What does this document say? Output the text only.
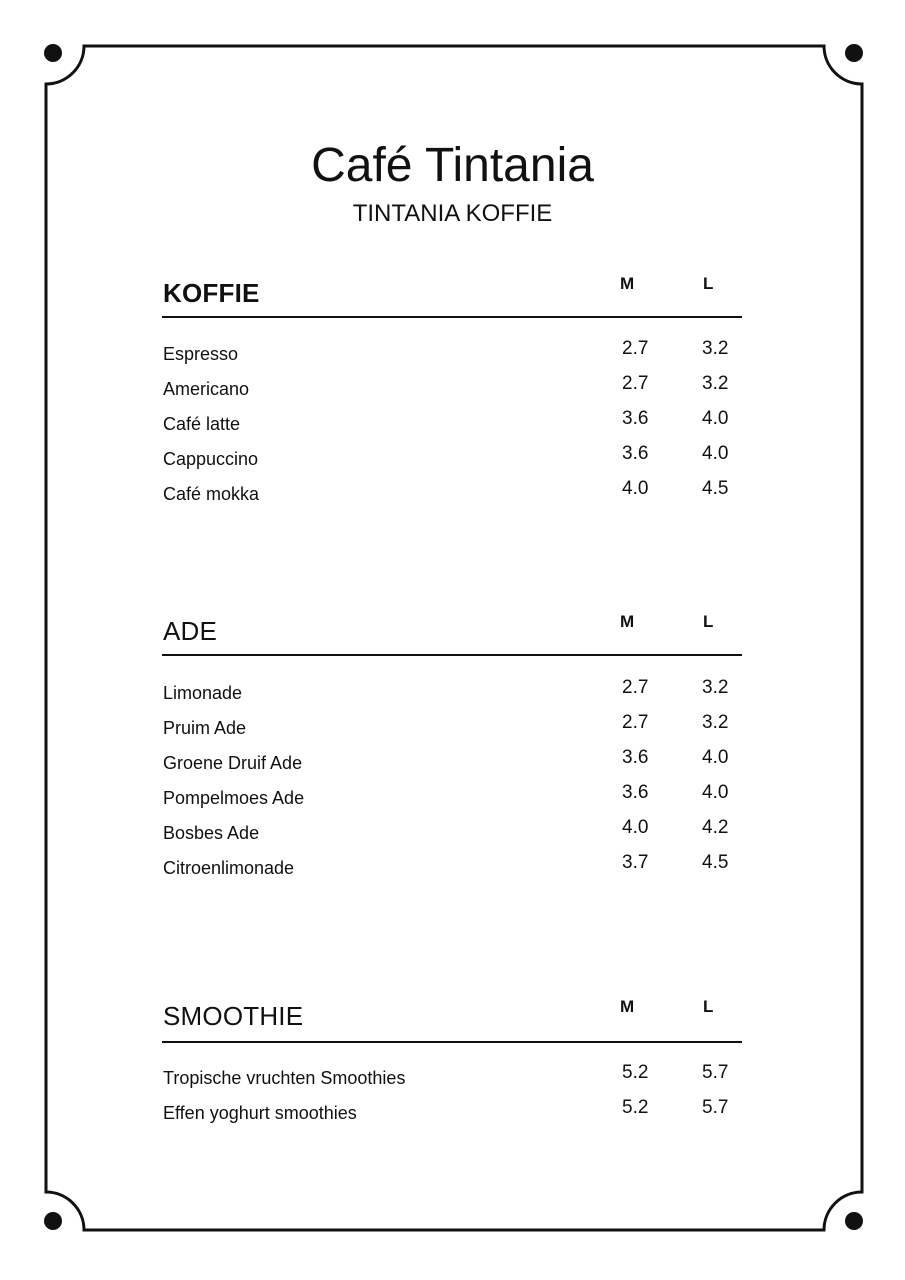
Café Tintania
TINTANIA KOFFIE
KOFFIE	M	L
Espresso	2.7	3.2
Americano	2.7	3.2
Café latte	3.6	4.0
Cappuccino	3.6	4.0
Café mokka	4.0	4.5
ADE	M	L
Limonade	2.7	3.2
Pruim Ade	2.7	3.2
Groene Druif Ade	3.6	4.0
Pompelmoes Ade	3.6	4.0
Bosbes Ade	4.0	4.2
Citroenlimonade	3.7	4.5
SMOOTHIE	M	L
Tropische vruchten Smoothies	5.2	5.7
Effen yoghurt smoothies	5.2	5.7
